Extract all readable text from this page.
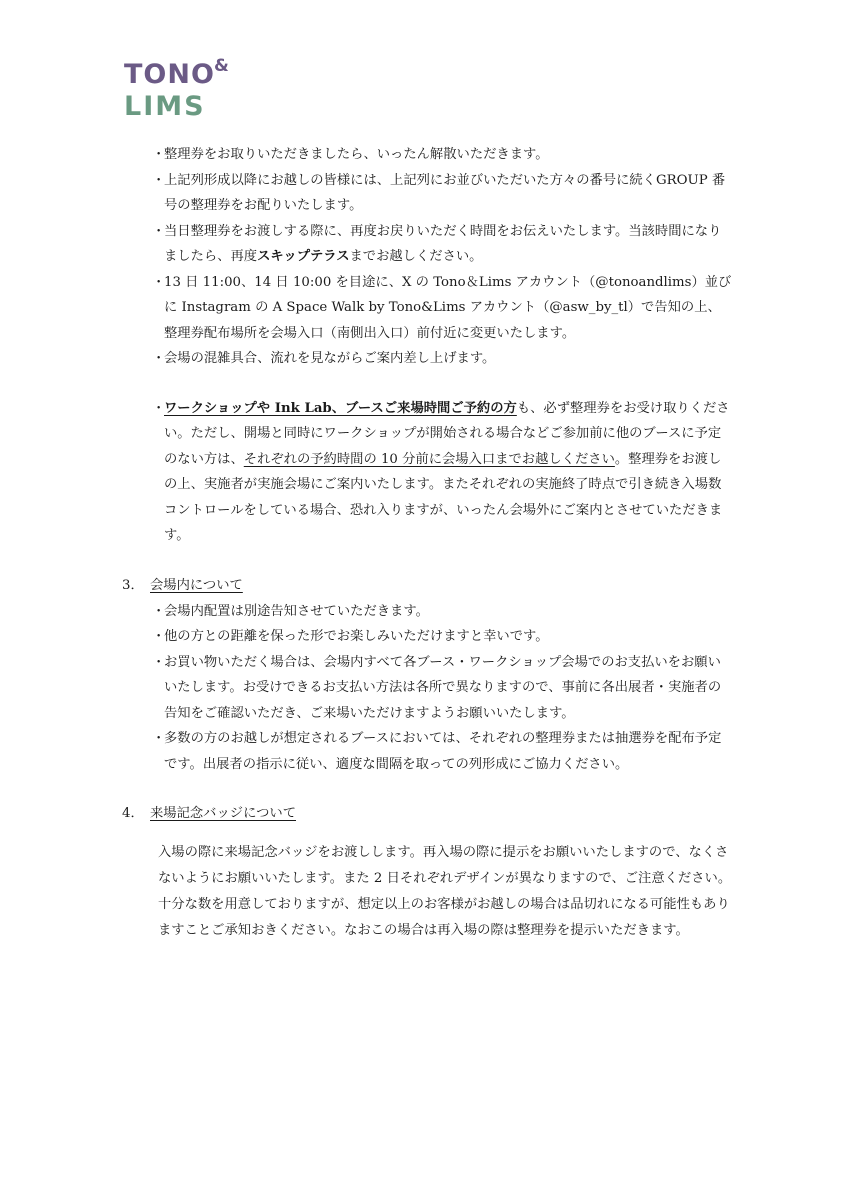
TONO &
LIMS

・
整理券をお取りいただきましたら、いったん解散いただきます。

・
上記列形成以降にお越しの皆様には、上記列にお並びいただいた方々の番号に続くGROUP 番号の整理券をお配りいたします。

・
当日整理券をお渡しする際に、再度お戻りいただく時間をお伝えいたします。当該時間になりましたら、再度スキップテラスまでお越しください。

・
13 日 11:00、14 日 10:00 を目途に、X の Tono＆Lims アカウント（@tonoandlims）並びに Instagram の A Space Walk by Tono&Lims アカウント（@asw_by_tl）で告知の上、整理券配布場所を会場入口（南側出入口）前付近に変更いたします。

・
会場の混雑具合、流れを見ながらご案内差し上げます。

・
ワークショップや Ink Lab、ブースご来場時間ご予約の方も、必ず整理券をお受け取りください。ただし、開場と同時にワークショップが開始される場合などご参加前に他のブースに予定のない方は、それぞれの予約時間の 10 分前に会場入口までお越しください。整理券をお渡しの上、実施者が実施会場にご案内いたします。またそれぞれの実施終了時点で引き続き入場数コントロールをしている場合、恐れ入りますが、いったん会場外にご案内とさせていただきます。

3． 会場内について

・
会場内配置は別途告知させていただきます。

・
他の方との距離を保った形でお楽しみいただけますと幸いです。

・
お買い物いただく場合は、会場内すべて各ブース・ワークショップ会場でのお支払いをお願いいたします。お受けできるお支払い方法は各所で異なりますので、事前に各出展者・実施者の告知をご確認いただき、ご来場いただけますようお願いいたします。

・
多数の方のお越しが想定されるブースにおいては、それぞれの整理券または抽選券を配布予定です。出展者の指示に従い、適度な間隔を取っての列形成にご協力ください。

4． 来場記念バッジについて

入場の際に来場記念バッジをお渡しします。再入場の際に提示をお願いいたしますので、なくさないようにお願いいたします。また 2 日それぞれデザインが異なりますので、ご注意ください。十分な数を用意しておりますが、想定以上のお客様がお越しの場合は品切れになる可能性もありますことご承知おきください。なおこの場合は再入場の際は整理券を提示いただきます。
